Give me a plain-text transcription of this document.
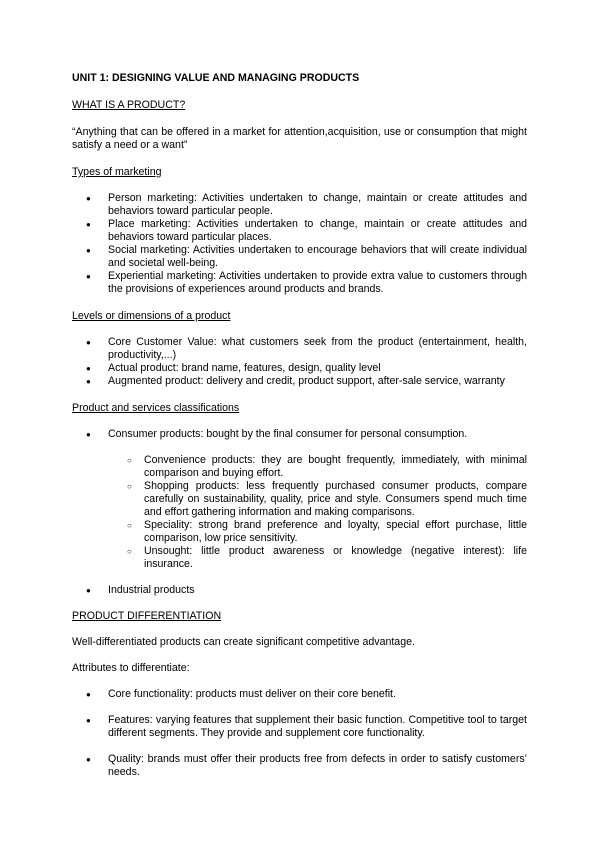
UNIT 1: DESIGNING VALUE AND MANAGING PRODUCTS

WHAT IS A PRODUCT?

“Anything that can be offered in a market for attention,acquisition, use or consumption that might satisfy a need or a want”

Types of marketing

● Person marketing: Activities undertaken to change, maintain or create attitudes and behaviors toward particular people.
● Place marketing: Activities undertaken to change, maintain or create attitudes and behaviors toward particular places.
● Social marketing: Activities undertaken to encourage behaviors that will create individual and societal well-being.
● Experiential marketing: Activities undertaken to provide extra value to customers through the provisions of experiences around products and brands.

Levels or dimensions of a product

● Core Customer Value: what customers seek from the product (entertainment, health, productivity,...)
● Actual product: brand name, features, design, quality level
● Augmented product: delivery and credit, product support, after-sale service, warranty

Product and services classifications

● Consumer products: bought by the final consumer for personal consumption.
○ Convenience products: they are bought frequently, immediately, with minimal comparison and buying effort.
○ Shopping products: less frequently purchased consumer products, compare carefully on sustainability, quality, price and style. Consumers spend much time and effort gathering information and making comparisons.
○ Speciality: strong brand preference and loyalty, special effort purchase, little comparison, low price sensitivity.
○ Unsought: little product awareness or knowledge (negative interest): life insurance.
● Industrial products

PRODUCT DIFFERENTIATION

Well-differentiated products can create significant competitive advantage.

Attributes to differentiate:

● Core functionality: products must deliver on their core benefit.
● Features: varying features that supplement their basic function. Competitive tool to target different segments. They provide and supplement core functionality.
● Quality: brands must offer their products free from defects in order to satisfy customers’ needs.
